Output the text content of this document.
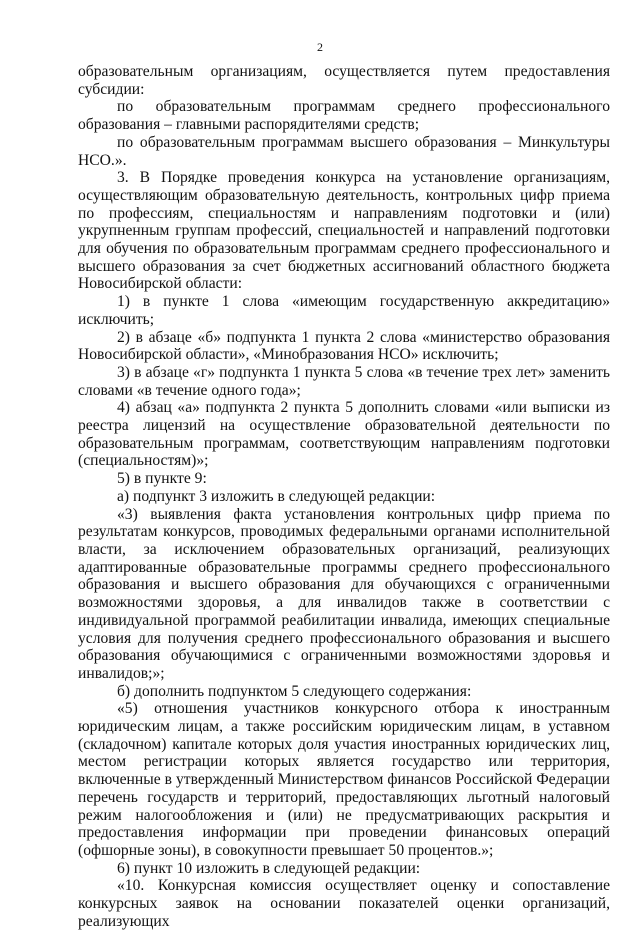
2

образовательным организациям, осуществляется путем предоставления субсидии:

по образовательным программам среднего профессионального образования – главными распорядителями средств;

по образовательным программам высшего образования – Минкультуры НСО.».

3. В Порядке проведения конкурса на установление организациям, осуществляющим образовательную деятельность, контрольных цифр приема по профессиям, специальностям и направлениям подготовки и (или) укрупненным группам профессий, специальностей и направлений подготовки для обучения по образовательным программам среднего профессионального и высшего образования за счет бюджетных ассигнований областного бюджета Новосибирской области:

1) в пункте 1 слова «имеющим государственную аккредитацию» исключить;

2) в абзаце «б» подпункта 1 пункта 2 слова «министерство образования Новосибирской области», «Минобразования НСО» исключить;

3) в абзаце «г» подпункта 1 пункта 5 слова «в течение трех лет» заменить словами «в течение одного года»;

4) абзац «а» подпункта 2 пункта 5 дополнить словами «или выписки из реестра лицензий на осуществление образовательной деятельности по образовательным программам, соответствующим направлениям подготовки (специальностям)»;

5) в пункте 9:

а) подпункт 3 изложить в следующей редакции:

«3) выявления факта установления контрольных цифр приема по результатам конкурсов, проводимых федеральными органами исполнительной власти, за исключением образовательных организаций, реализующих адаптированные образовательные программы среднего профессионального образования и высшего образования для обучающихся с ограниченными возможностями здоровья, а для инвалидов также в соответствии с индивидуальной программой реабилитации инвалида, имеющих специальные условия для получения среднего профессионального образования и высшего образования обучающимися с ограниченными возможностями здоровья и инвалидов;»;

б) дополнить подпунктом 5 следующего содержания:

«5) отношения участников конкурсного отбора к иностранным юридическим лицам, а также российским юридическим лицам, в уставном (складочном) капитале которых доля участия иностранных юридических лиц, местом регистрации которых является государство или территория, включенные в утвержденный Министерством финансов Российской Федерации перечень государств и территорий, предоставляющих льготный налоговый режим налогообложения и (или) не предусматривающих раскрытия и предоставления информации при проведении финансовых операций (офшорные зоны), в совокупности превышает 50 процентов.»;

6) пункт 10 изложить в следующей редакции:

«10. Конкурсная комиссия осуществляет оценку и сопоставление конкурсных заявок на основании показателей оценки организаций, реализующих
